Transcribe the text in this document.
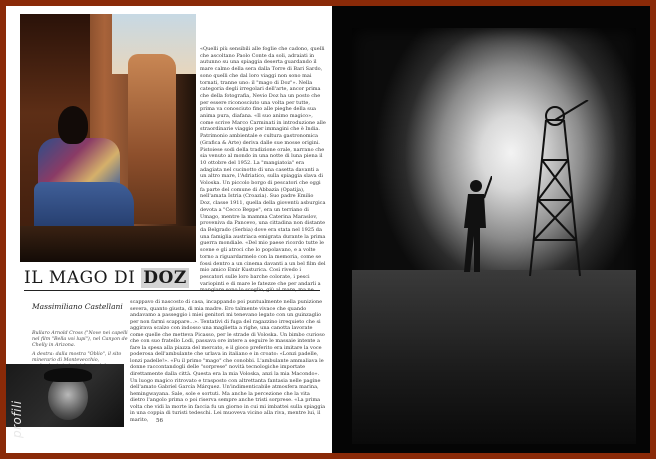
«Quelli più sensibili alle foglie che cadono, quelli che ascoltano Paolo Conte da soli, adraiati in autunno su una spiaggia deserta guardando il mare calmo della sera dalla Torre di Bari Sardo, sono quelli che dal loro viaggi non sono mai tornati, tranne uno: il "mago di Doz"». Nella categoria degli irregolari dell'arte, ancor prima che della fotografia, Nevio Doz ha un posto che per essere riconosciuto una volta per tutte, prima va conosciuto fino alle pieghe della sua anima pura, diafana. «Il suo animo magico», come scrive Marco Carminati in introduzione alle straordinarie viaggio per immagini che è India. Patrimonio ambientale e cultura gastronomica (Grafica & Arte) deriva dalle sue mosse origini. Pistoiese sodi della tradizione orale, narrano che sia venuto al mondo in una notte di luna piena il 10 ottobre del 1952. La "mangiatoia" era adagiata nel cucinotto di una casetta davanti a un altro mare, l'Adriatico, sulla spiaggia slava di Voloska. Un piccolo borgo di pescatori che oggi fa parte del comune di Abbazia (Opatija), nell'amata Istria (Croazia). Suo padre Emilio Doz, classe 1911, quella della gioventù asburgica devota a "Cecco Beppe", era un terriano di Umago, mentre la mamma Caterina Maraslov, proveniva da Pancevo, una cittadina non distante da Belgrado (Serbia) dove era stata nel 1925 da una famiglia austriaca emigrata durante la prima guerra mondiale. «Del mio paese ricordo tutte le scene e gli atroci che lo popolavano, e a volte torno a riguardarmelo con la memoria, come se fossi dentro a un cinema davanti a un bel film del mio amico Emir Kusturica. Così rivedo i pescatori sulle loro barche colorate, i pesci variopinti e di mare le fatezze che per andarli a

IL MAGO DI DOZ
Massimiliano Castellani

Bullaro Arnold Cross ("Nove nei capelli nel film "Bella voi lupi"), nel Canyon de Chelly in Arizona.

A destra: dalla mostra "Oblio", il sito minerario di Montevecchio,

scappavo di nascosto di casa, incappando poi puntualmente nella punizione severa, quanto giusta, di mia madre. Ero talmente vivace che quando andavamo a passeggio i miei genitori mi tenevano legato con un guinzaglio per non farmi scappare...». Tentativi di fuga del ragazzino irrequieto che si aggirava scalzo con indosso una maglietta a righe, una canotta lavorate come quelle che metteva Picasso, per le strade di Voloska. Un bimbo curioso che con suo fratello Lodi, passava ore intere a seguire le massaie intente a fare la spesa alla piazza del mercato, e il gioco preferito era imitare la voce poderosa dell'ambulante che urlava in italiano e in croato: «Lonzi padelle, lonzi padelle!». «Fu il primo "mago" che conobbi. L'ambulante ammaliava le donne raccontandogli delle "sorprese" novità tecnologiche importate direttamente dalla città. Questa era la mia Voloska, anzi la mia Macondo». Un luogo magico ritrovato e trasposto con altrettanta fantasia nelle pagine dell'amato Gabriel García Márquez. Un'indimenticabile atmosfera marina, hemingwayana. Sale, sole e sortuti. Ma anche la percezione che la vita dietro l'angolo prima o poi riserva sempre anche tristi sorprese. «La prima volta che vidi la morte in faccia fu un giorno in cui mi imbattei sulla spiaggia in una coppia di turisti tedeschi. Lei muoveva vicino alla riva, mentre lui, il marito,

profili	56
